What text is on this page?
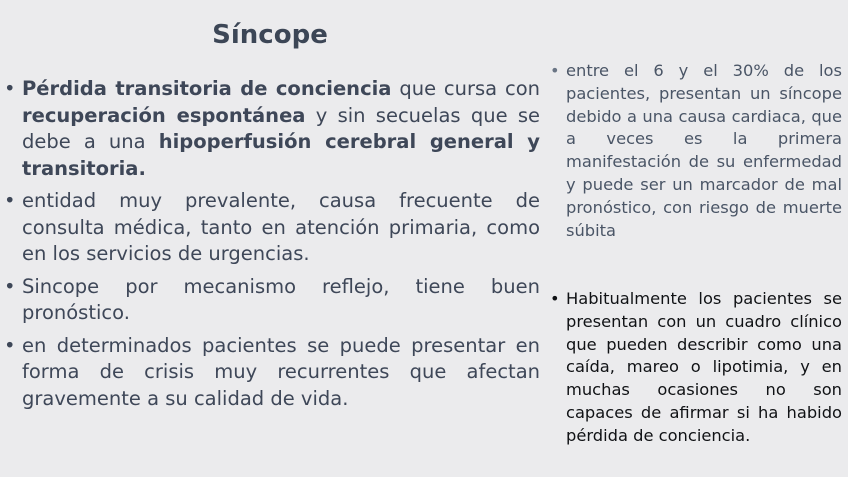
Síncope
• Pérdida transitoria de conciencia que cursa con recuperación espontánea y sin secuelas que se debe a una hipoperfusión cerebral general y transitoria.
• entidad muy prevalente, causa frecuente de consulta médica, tanto en atención primaria, como en los servicios de urgencias.
• Sincope por mecanismo reflejo, tiene buen pronóstico.
• en determinados pacientes se puede presentar en forma de crisis muy recurrentes que afectan gravemente a su calidad de vida.
• entre el 6 y el 30% de los pacientes, presentan un síncope debido a una causa cardiaca, que a veces es la primera manifestación de su enfermedad y puede ser un marcador de mal pronóstico, con riesgo de muerte súbita
• Habitualmente los pacientes se presentan con un cuadro clínico que pueden describir como una caída, mareo o lipotimia, y en muchas ocasiones no son capaces de afirmar si ha habido pérdida de conciencia.
